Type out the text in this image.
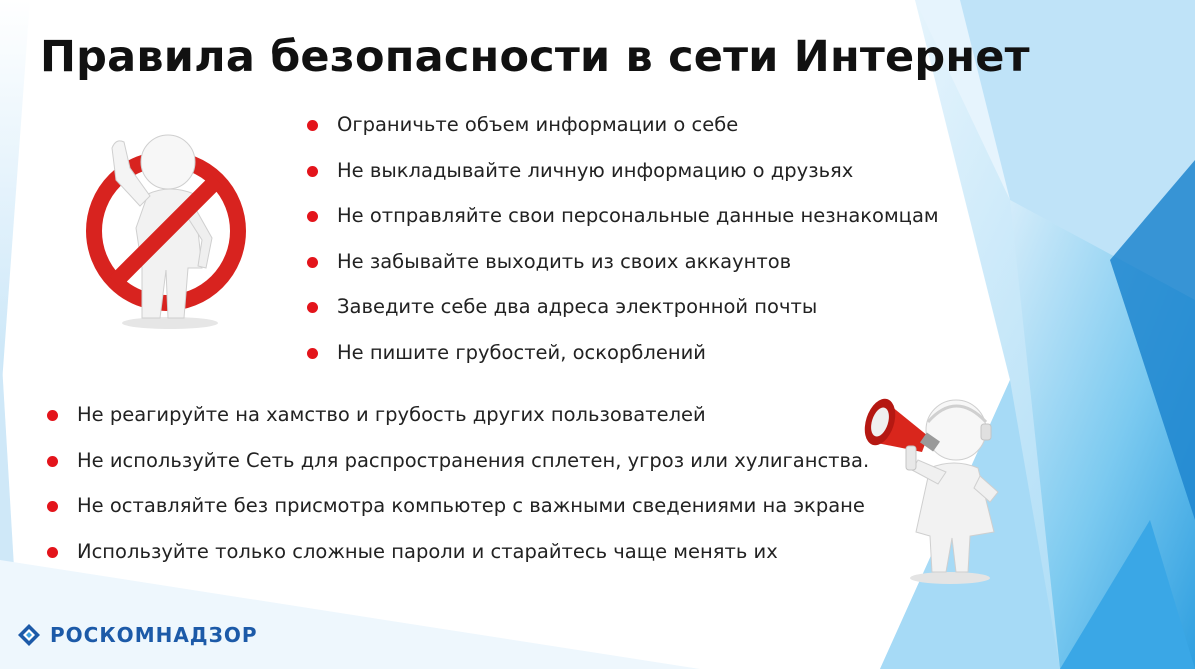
Правила безопасности в сети Интернет
Ограничьте объем информации о себе
Не выкладывайте личную информацию о друзьях
Не отправляйте свои персональные данные незнакомцам
Не забывайте выходить из своих аккаунтов
Заведите себе два адреса электронной почты
Не пишите грубостей, оскорблений
Не реагируйте на хамство и грубость других пользователей
Не используйте Сеть для распространения сплетен, угроз или хулиганства.
Не оставляйте без присмотра компьютер с важными сведениями на экране
Используйте только сложные пароли и старайтесь чаще менять их
РОСКОМНАДЗОР
